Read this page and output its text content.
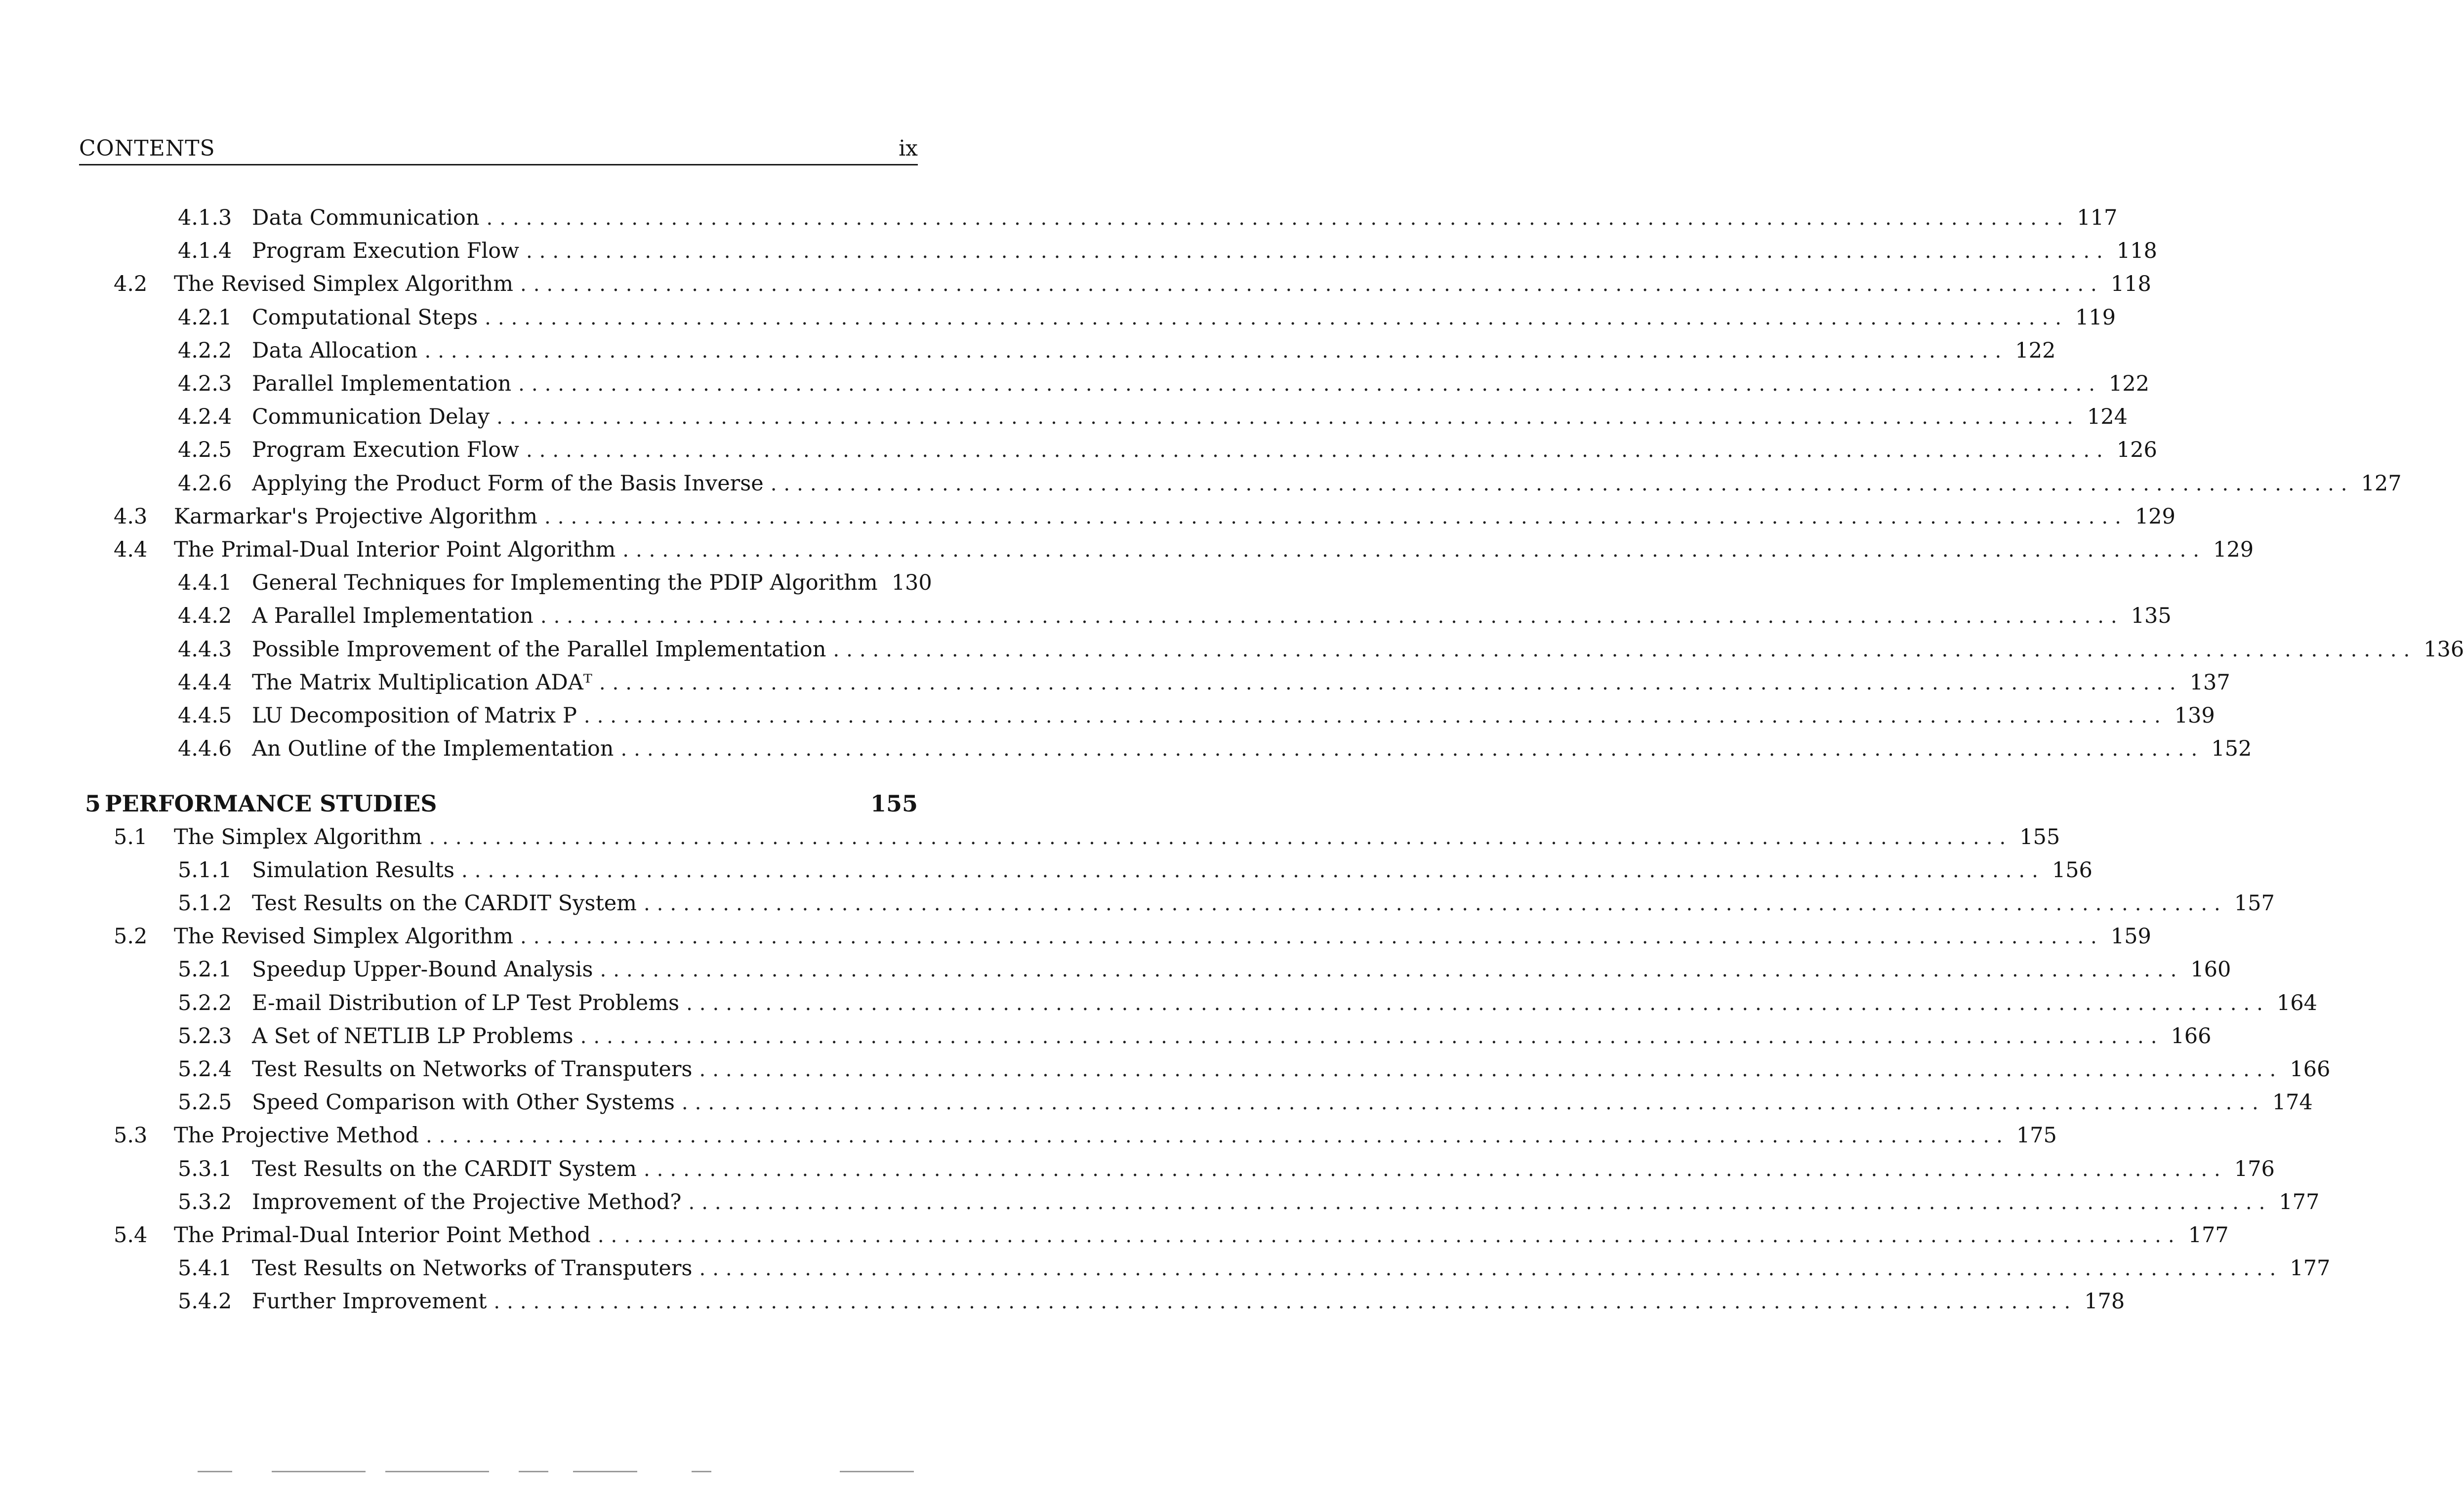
CONTENTS	ix
4.1.3 Data Communication ........................................................................................................................ 117
4.1.4 Program Execution Flow ........................................................................................................................ 118
4.2 The Revised Simplex Algorithm ........................................................................................................................ 118
4.2.1 Computational Steps ........................................................................................................................ 119
4.2.2 Data Allocation ........................................................................................................................ 122
4.2.3 Parallel Implementation ........................................................................................................................ 122
4.2.4 Communication Delay ........................................................................................................................ 124
4.2.5 Program Execution Flow ........................................................................................................................ 126
4.2.6 Applying the Product Form of the Basis Inverse ........................................................................................................................ 127
4.3 Karmarkar's Projective Algorithm ........................................................................................................................ 129
4.4 The Primal-Dual Interior Point Algorithm ........................................................................................................................ 129
4.4.1 General Techniques for Implementing the PDIP Algorithm 130
4.4.2 A Parallel Implementation ........................................................................................................................ 135
4.4.3 Possible Improvement of the Parallel Implementation ........................................................................................................................ 136
4.4.4 The Matrix Multiplication ADAᵀ ........................................................................................................................ 137
4.4.5 LU Decomposition of Matrix P ........................................................................................................................ 139
4.4.6 An Outline of the Implementation ........................................................................................................................ 152
5 PERFORMANCE STUDIES	155
5.1 The Simplex Algorithm ........................................................................................................................ 155
5.1.1 Simulation Results ........................................................................................................................ 156
5.1.2 Test Results on the CARDIT System ........................................................................................................................ 157
5.2 The Revised Simplex Algorithm ........................................................................................................................ 159
5.2.1 Speedup Upper-Bound Analysis ........................................................................................................................ 160
5.2.2 E-mail Distribution of LP Test Problems ........................................................................................................................ 164
5.2.3 A Set of NETLIB LP Problems ........................................................................................................................ 166
5.2.4 Test Results on Networks of Transputers ........................................................................................................................ 166
5.2.5 Speed Comparison with Other Systems ........................................................................................................................ 174
5.3 The Projective Method ........................................................................................................................ 175
5.3.1 Test Results on the CARDIT System ........................................................................................................................ 176
5.3.2 Improvement of the Projective Method? ........................................................................................................................ 177
5.4 The Primal-Dual Interior Point Method ........................................................................................................................ 177
5.4.1 Test Results on Networks of Transputers ........................................................................................................................ 177
5.4.2 Further Improvement ........................................................................................................................ 178
